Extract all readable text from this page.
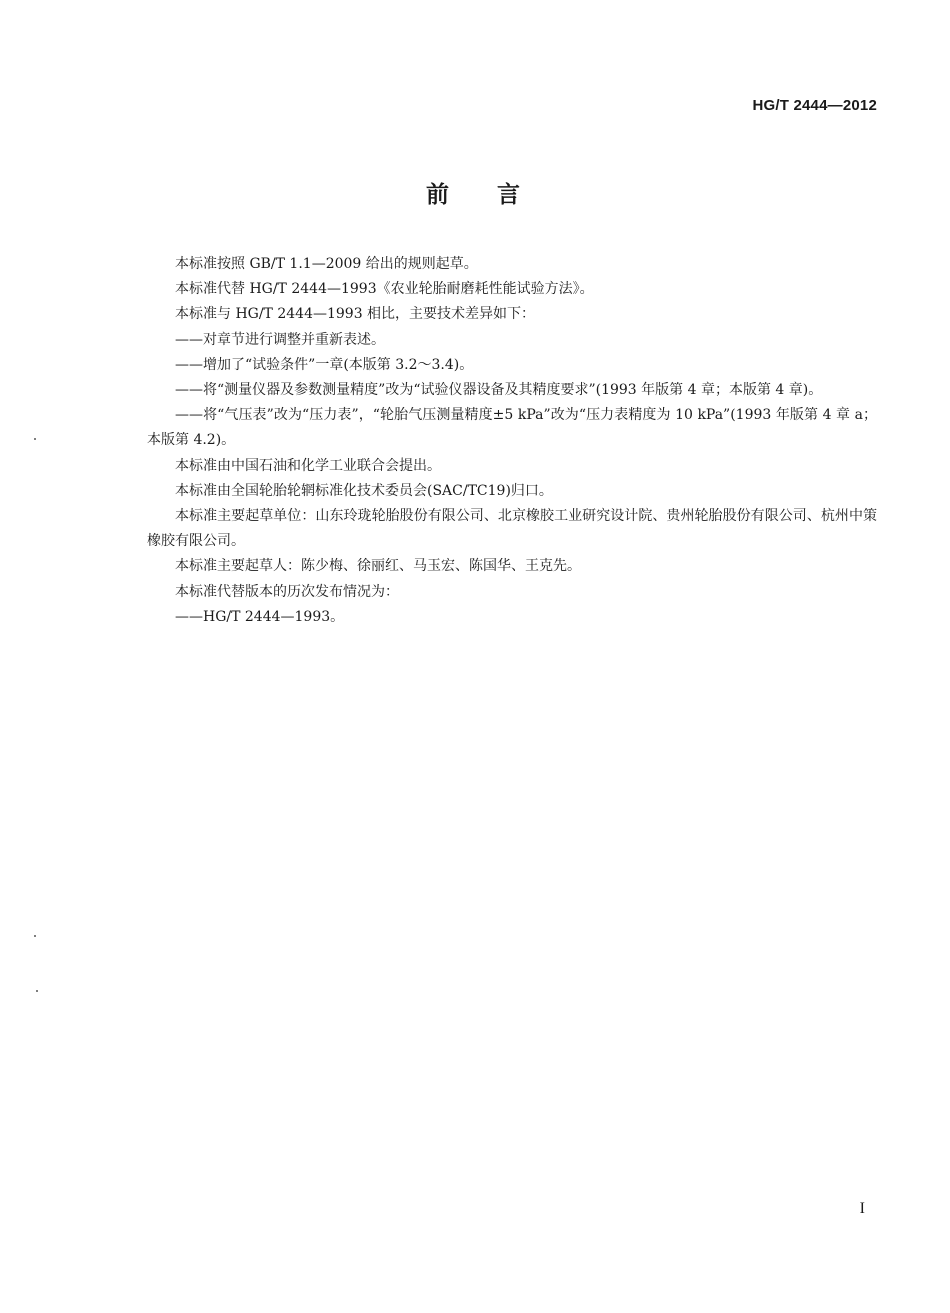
HG/T 2444—2012
前言

本标准按照 GB/T 1.1—2009 给出的规则起草。

本标准代替 HG/T 2444—1993《农业轮胎耐磨耗性能试验方法》。

本标准与 HG/T 2444—1993 相比，主要技术差异如下：

——对章节进行调整并重新表述。

——增加了“试验条件”一章(本版第 3.2～3.4)。

——将“测量仪器及参数测量精度”改为“试验仪器设备及其精度要求”(1993 年版第 4 章；本版第 4 章)。

——将“气压表”改为“压力表”，“轮胎气压测量精度±5 kPa”改为“压力表精度为 10 kPa”(1993 年版第 4 章 a；本版第 4.2)。

本标准由中国石油和化学工业联合会提出。

本标准由全国轮胎轮辋标准化技术委员会(SAC/TC19)归口。

本标准主要起草单位：山东玲珑轮胎股份有限公司、北京橡胶工业研究设计院、贵州轮胎股份有限公司、杭州中策橡胶有限公司。

本标准主要起草人：陈少梅、徐丽红、马玉宏、陈国华、王克先。

本标准代替版本的历次发布情况为：

——HG/T 2444—1993。

I
